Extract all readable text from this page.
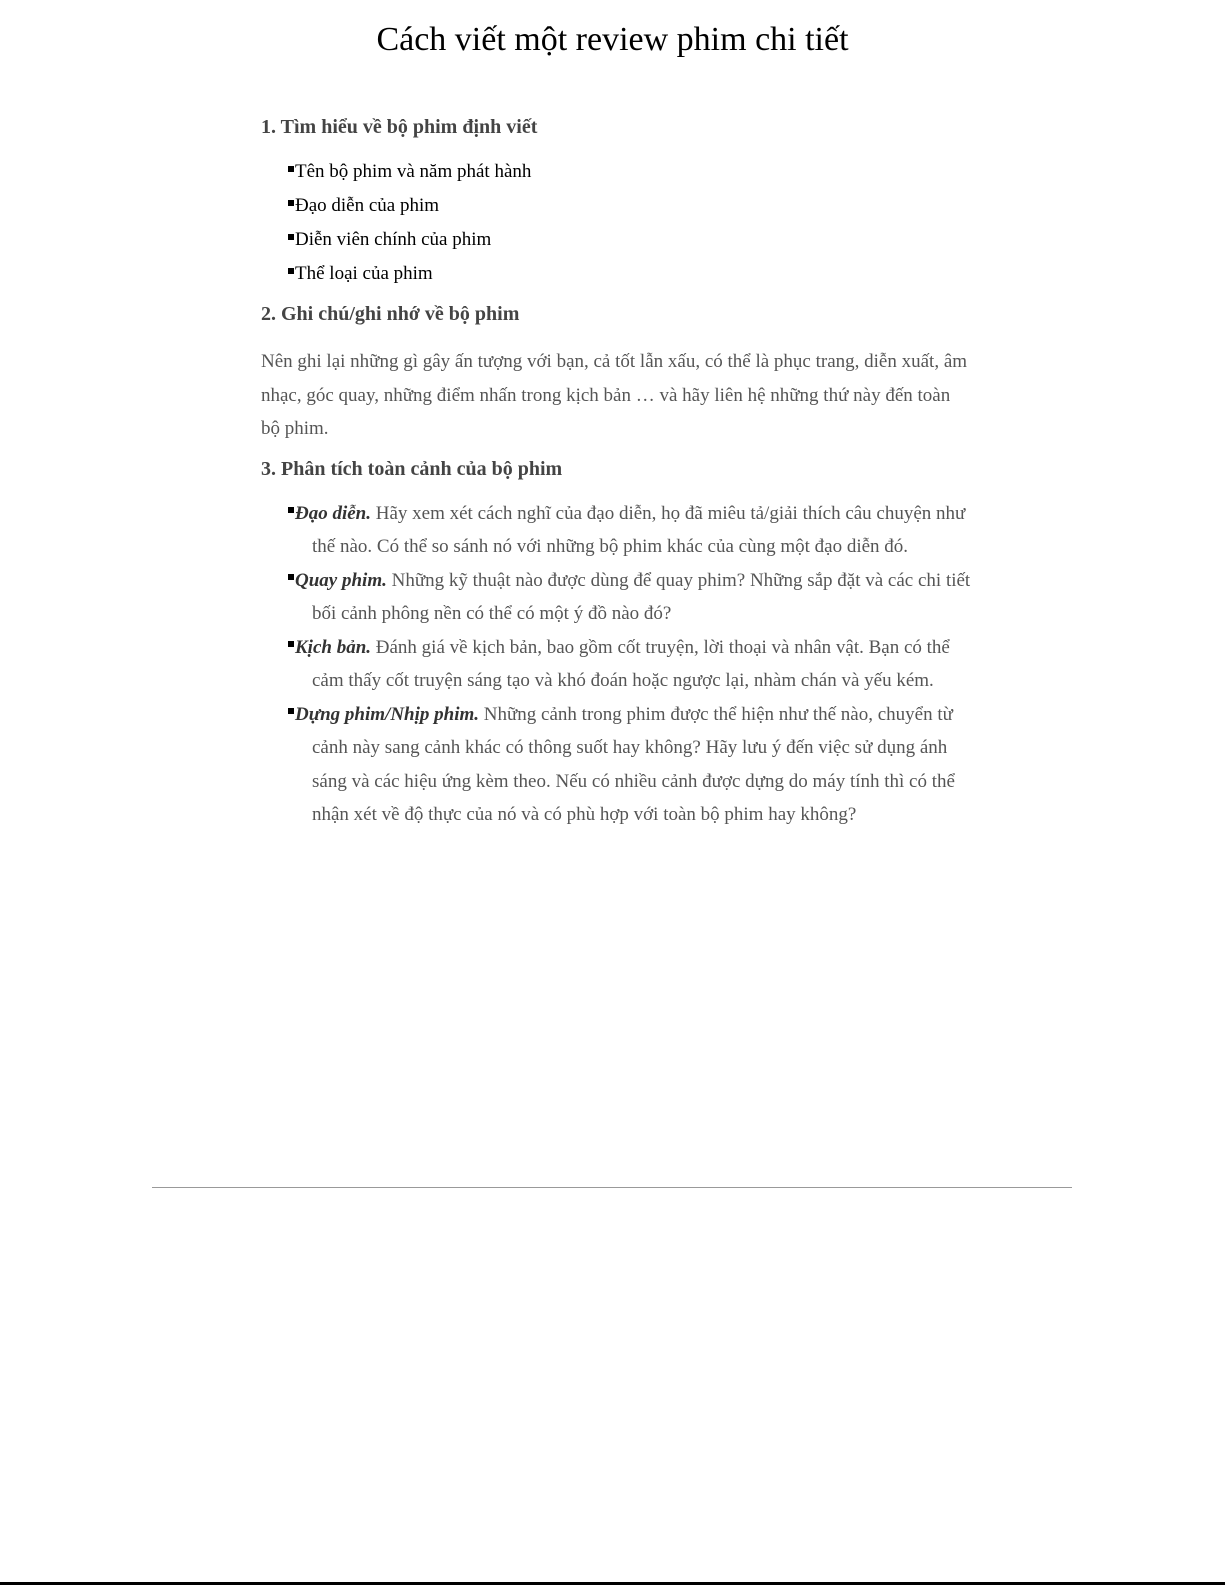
Cách viết một review phim chi tiết
1. Tìm hiểu về bộ phim định viết
Tên bộ phim và năm phát hành
Đạo diễn của phim
Diễn viên chính của phim
Thể loại của phim
2. Ghi chú/ghi nhớ về bộ phim

Nên ghi lại những gì gây ấn tượng với bạn, cả tốt lẫn xấu, có thể là phục trang, diễn xuất, âm nhạc, góc quay, những điểm nhấn trong kịch bản … và hãy liên hệ những thứ này đến toàn bộ phim.

3. Phân tích toàn cảnh của bộ phim
Đạo diễn. Hãy xem xét cách nghĩ của đạo diễn, họ đã miêu tả/giải thích câu chuyện như thế nào. Có thể so sánh nó với những bộ phim khác của cùng một đạo diễn đó.
Quay phim. Những kỹ thuật nào được dùng để quay phim? Những sắp đặt và các chi tiết bối cảnh phông nền có thể có một ý đồ nào đó?
Kịch bản. Đánh giá về kịch bản, bao gồm cốt truyện, lời thoại và nhân vật. Bạn có thể cảm thấy cốt truyện sáng tạo và khó đoán hoặc ngược lại, nhàm chán và yếu kém.
Dựng phim/Nhịp phim. Những cảnh trong phim được thể hiện như thế nào, chuyển từ cảnh này sang cảnh khác có thông suốt hay không? Hãy lưu ý đến việc sử dụng ánh sáng và các hiệu ứng kèm theo. Nếu có nhiều cảnh được dựng do máy tính thì có thể nhận xét về độ thực của nó và có phù hợp với toàn bộ phim hay không?
